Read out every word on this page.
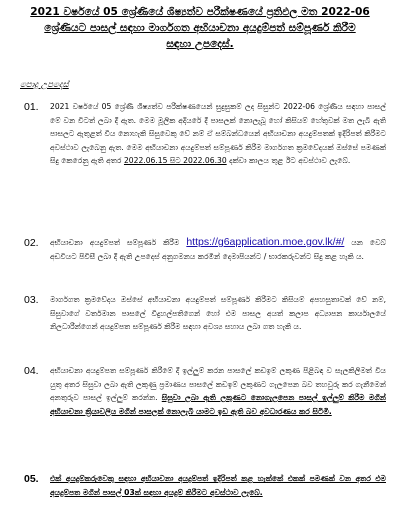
2021 වර්ෂයේ 05 ශ්‍රේණියේ ශිෂ්‍යත්ව පරීක්ෂණයේ ප්‍රතිඵල මත 2022-06
ශ්‍රේණියට පාසල් සඳහා මාර්ගගත අභියාචනා අයදුම්පත් සම්පූර්ණ කිරීම
සඳහා උපදෙස්.
පොදු උපදෙස්
01.	2021 වර්ෂයේ 05 ශ්‍රේණි ශිෂ්‍යත්ව පරීක්ෂණයෙන් සුදුසුකම් ලද සිසුන්ට 2022-06 ශ්‍රේණිය සඳහා පාසල් මේ වන විටත් ලබා දී ඇත. මෙම මූලික අදියරේ දී පාසලක් නොලැබූ හෝ කිසියම් හේතුවක් මත ලැබී ඇති පාසලට ඇතුළත් විය නොහැකි සිසුවෙකු වේ නම් ඒ සම්බන්ධයෙන් අභියාචනා අයදුම්පතක් ඉදිරිපත් කිරීමට අවස්ථාව ලැබෙනු ඇත. මෙම අභියාචනා අයදුම්පත් සම්පූර්ණ කිරීම මාර්ගගත ක්‍රමවේදයක් ඔස්සේ පමණක් සිදු කෙරෙනු ඇති අතර 2022.06.15 සිට 2022.06.30 දක්වා කාලය තුළ ඊට අවස්ථාව ලැබේ.
02.	අභියාචනා අයදුම්පත් සම්පූර්ණ කිරීම https://g6application.moe.gov.lk/#/ යන වෙබ් අඩවියට පිවිසී ලබා දී ඇති උපදෙස් අනුගමනය කරමින් දෙමාපියන්ට / භාරකරුවන්ට සිදු කළ හැකි ය.
03.	මාර්ගගත ක්‍රමවේදය ඔස්සේ අභියාචනා අයදුම්පත් සම්පූර්ණ කිරීමට කිසියම් අපහසුතාවක් වේ නම්, සිසුවාගේ වර්තමාන පාසලේ විදුහල්පතිගෙන් හෝ එම පාසල අයත් කලාප අධ්‍යාපන කාර්යාලයේ නිලධාරීන්ගෙන් අයදුම්පත සම්පූර්ණ කිරීම සඳහා අවශ්‍ය සහාය ලබා ගත හැකි ය.
04.	අභියාචනා අයදුම්පත සම්පූර්ණ කිරීමේ දී ඉල්ලුම් කරන පාසලේ කඩඉම් ලකුණ පිළිබඳ ව සැලකිලිමත් විය යුතු අතර සිසුවා ලබා ඇති ලකුණු ප්‍රමාණය පාසලේ කඩඉම් ලකුණට ගැලපෙන බව තහවුරු කර ගැනීමෙන් අනතුරුව පාසල් ඉල්ලුම් කරන්න. සිසුවා ලබා ඇති ලකුණට නොගැලපෙන පාසල් ඉල්ලුම් කිරීම මගින් අභියාචනා ක්‍රියාවලිය මගින් පාසලක් නොලැබී යාමට ඉඩ ඇති බව අවධාරණය කර සිටිමි.
05.	එක් අයදුම්කරුවෙකු සඳහා අභියාචනා අයදුම්පත් ඉදිරිපත් කළ හැක්කේ එකක් පමණක් වන අතර එම අයදුම්පත මගින් පාසල් 03ක් සඳහා අයදුම් කිරීමට අවස්ථාව ලැබේ.
